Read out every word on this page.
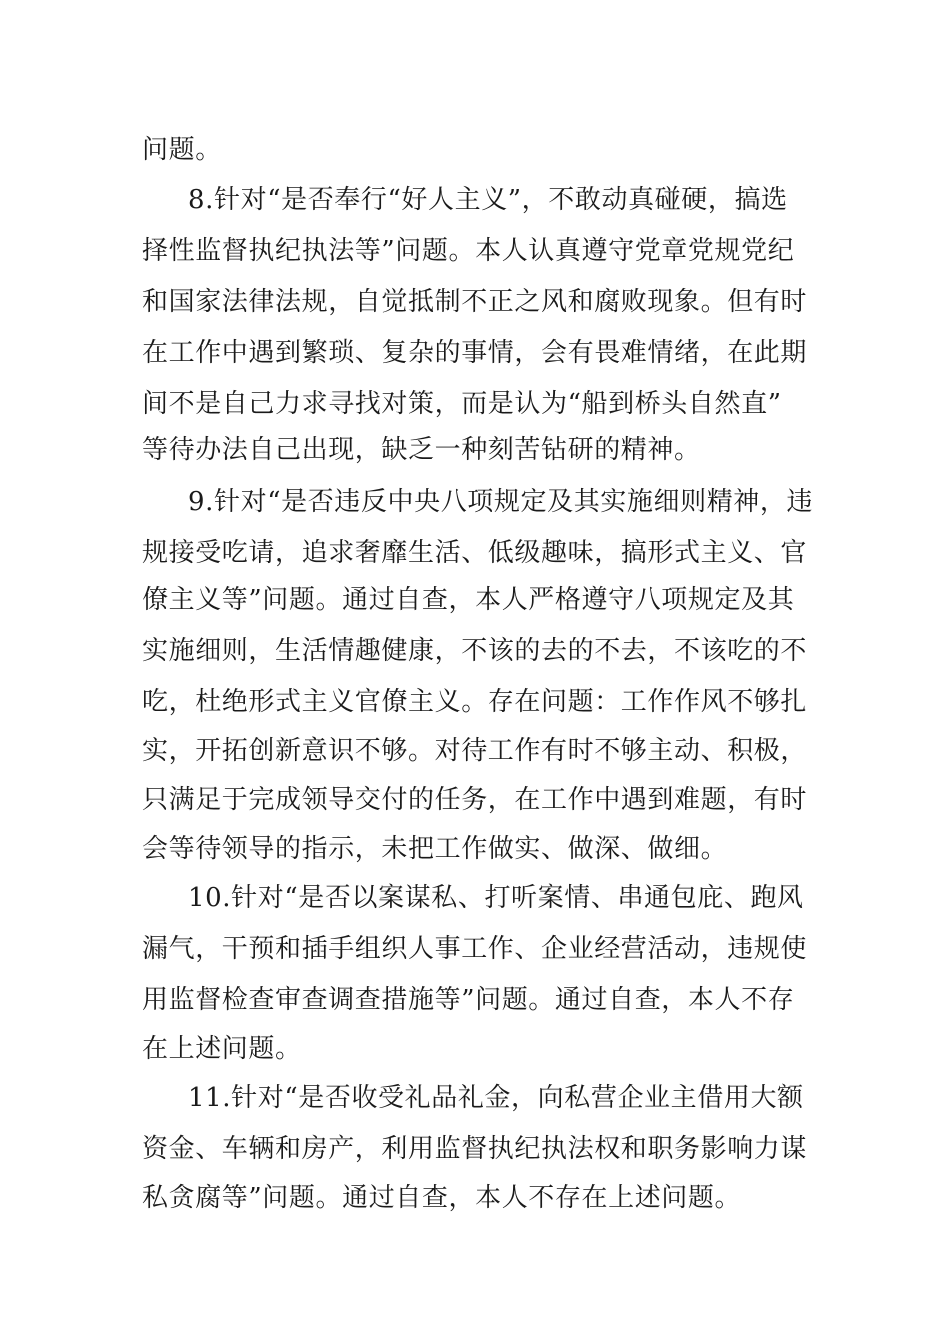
问题。
8.针对“是否奉行“好人主义”，不敢动真碰硬，搞选
择性监督执纪执法等”问题。本人认真遵守党章党规党纪
和国家法律法规，自觉抵制不正之风和腐败现象。但有时
在工作中遇到繁琐、复杂的事情，会有畏难情绪，在此期
间不是自己力求寻找对策，而是认为“船到桥头自然直”
等待办法自己出现，缺乏一种刻苦钻研的精神。
9.针对“是否违反中央八项规定及其实施细则精神，违
规接受吃请，追求奢靡生活、低级趣味，搞形式主义、官
僚主义等”问题。通过自查，本人严格遵守八项规定及其
实施细则，生活情趣健康，不该的去的不去，不该吃的不
吃，杜绝形式主义官僚主义。存在问题：工作作风不够扎
实，开拓创新意识不够。对待工作有时不够主动、积极，
只满足于完成领导交付的任务，在工作中遇到难题，有时
会等待领导的指示，未把工作做实、做深、做细。
10.针对“是否以案谋私、打听案情、串通包庇、跑风
漏气，干预和插手组织人事工作、企业经营活动，违规使
用监督检查审查调查措施等”问题。通过自查，本人不存
在上述问题。
11.针对“是否收受礼品礼金，向私营企业主借用大额
资金、车辆和房产，利用监督执纪执法权和职务影响力谋
私贪腐等”问题。通过自查，本人不存在上述问题。
